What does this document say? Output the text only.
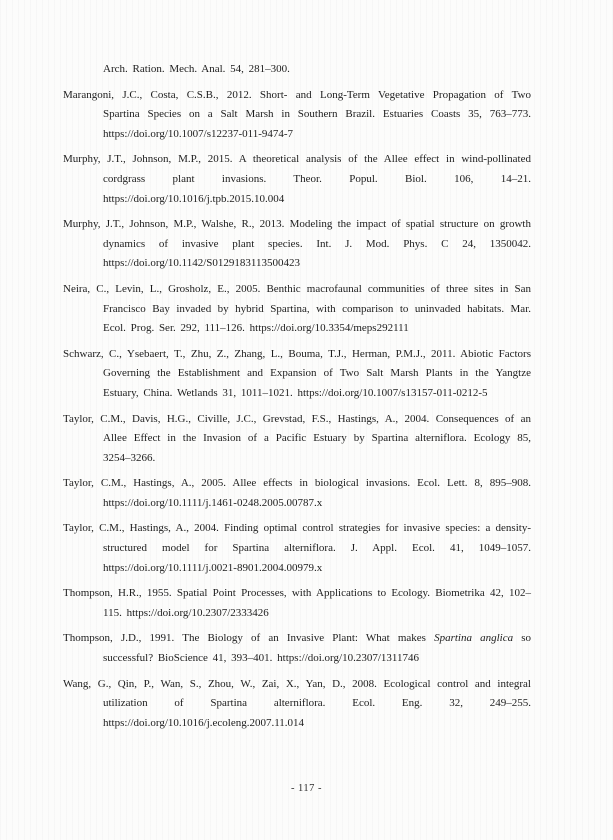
Arch. Ration. Mech. Anal. 54, 281–300.

Marangoni, J.C., Costa, C.S.B., 2012. Short- and Long-Term Vegetative Propagation of Two Spartina Species on a Salt Marsh in Southern Brazil. Estuaries Coasts 35, 763–773. https://doi.org/10.1007/s12237-011-9474-7

Murphy, J.T., Johnson, M.P., 2015. A theoretical analysis of the Allee effect in wind-pollinated cordgrass plant invasions. Theor. Popul. Biol. 106, 14–21. https://doi.org/10.1016/j.tpb.2015.10.004

Murphy, J.T., Johnson, M.P., Walshe, R., 2013. Modeling the impact of spatial structure on growth dynamics of invasive plant species. Int. J. Mod. Phys. C 24, 1350042. https://doi.org/10.1142/S0129183113500423

Neira, C., Levin, L., Grosholz, E., 2005. Benthic macrofaunal communities of three sites in San Francisco Bay invaded by hybrid Spartina, with comparison to uninvaded habitats. Mar. Ecol. Prog. Ser. 292, 111–126. https://doi.org/10.3354/meps292111

Schwarz, C., Ysebaert, T., Zhu, Z., Zhang, L., Bouma, T.J., Herman, P.M.J., 2011. Abiotic Factors Governing the Establishment and Expansion of Two Salt Marsh Plants in the Yangtze Estuary, China. Wetlands 31, 1011–1021. https://doi.org/10.1007/s13157-011-0212-5

Taylor, C.M., Davis, H.G., Civille, J.C., Grevstad, F.S., Hastings, A., 2004. Consequences of an Allee Effect in the Invasion of a Pacific Estuary by Spartina alterniflora. Ecology 85, 3254–3266.

Taylor, C.M., Hastings, A., 2005. Allee effects in biological invasions. Ecol. Lett. 8, 895–908. https://doi.org/10.1111/j.1461-0248.2005.00787.x

Taylor, C.M., Hastings, A., 2004. Finding optimal control strategies for invasive species: a density-structured model for Spartina alterniflora. J. Appl. Ecol. 41, 1049–1057. https://doi.org/10.1111/j.0021-8901.2004.00979.x

Thompson, H.R., 1955. Spatial Point Processes, with Applications to Ecology. Biometrika 42, 102–115. https://doi.org/10.2307/2333426

Thompson, J.D., 1991. The Biology of an Invasive Plant: What makes Spartina anglica so successful? BioScience 41, 393–401. https://doi.org/10.2307/1311746

Wang, G., Qin, P., Wan, S., Zhou, W., Zai, X., Yan, D., 2008. Ecological control and integral utilization of Spartina alterniflora. Ecol. Eng. 32, 249–255. https://doi.org/10.1016/j.ecoleng.2007.11.014

- 117 -
